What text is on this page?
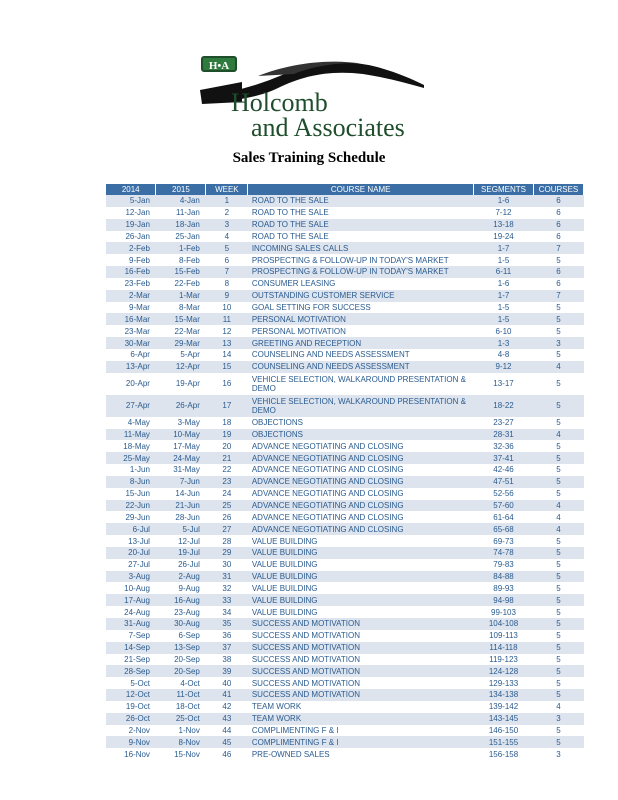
H•A
Holcomb
and Associates
Sales Training Schedule
2014	2015	WEEK	COURSE NAME	SEGMENTS	COURSES
5-Jan	4-Jan	1	ROAD TO THE SALE	1-6	6
12-Jan	11-Jan	2	ROAD TO THE SALE	7-12	6
19-Jan	18-Jan	3	ROAD TO THE SALE	13-18	6
26-Jan	25-Jan	4	ROAD TO THE SALE	19-24	6
2-Feb	1-Feb	5	INCOMING SALES CALLS	1-7	7
9-Feb	8-Feb	6	PROSPECTING & FOLLOW-UP IN TODAY'S MARKET	1-5	5
16-Feb	15-Feb	7	PROSPECTING & FOLLOW-UP IN TODAY'S MARKET	6-11	6
23-Feb	22-Feb	8	CONSUMER LEASING	1-6	6
2-Mar	1-Mar	9	OUTSTANDING CUSTOMER SERVICE	1-7	7
9-Mar	8-Mar	10	GOAL SETTING FOR SUCCESS	1-5	5
16-Mar	15-Mar	11	PERSONAL MOTIVATION	1-5	5
23-Mar	22-Mar	12	PERSONAL MOTIVATION	6-10	5
30-Mar	29-Mar	13	GREETING AND RECEPTION	1-3	3
6-Apr	5-Apr	14	COUNSELING AND NEEDS ASSESSMENT	4-8	5
13-Apr	12-Apr	15	COUNSELING AND NEEDS ASSESSMENT	9-12	4
20-Apr	19-Apr	16	VEHICLE SELECTION, WALKAROUND PRESENTATION & DEMO	13-17	5
27-Apr	26-Apr	17	VEHICLE SELECTION, WALKAROUND PRESENTATION & DEMO	18-22	5
4-May	3-May	18	OBJECTIONS	23-27	5
11-May	10-May	19	OBJECTIONS	28-31	4
18-May	17-May	20	ADVANCE NEGOTIATING AND CLOSING	32-36	5
25-May	24-May	21	ADVANCE NEGOTIATING AND CLOSING	37-41	5
1-Jun	31-May	22	ADVANCE NEGOTIATING AND CLOSING	42-46	5
8-Jun	7-Jun	23	ADVANCE NEGOTIATING AND CLOSING	47-51	5
15-Jun	14-Jun	24	ADVANCE NEGOTIATING AND CLOSING	52-56	5
22-Jun	21-Jun	25	ADVANCE NEGOTIATING AND CLOSING	57-60	4
29-Jun	28-Jun	26	ADVANCE NEGOTIATING AND CLOSING	61-64	4
6-Jul	5-Jul	27	ADVANCE NEGOTIATING AND CLOSING	65-68	4
13-Jul	12-Jul	28	VALUE BUILDING	69-73	5
20-Jul	19-Jul	29	VALUE BUILDING	74-78	5
27-Jul	26-Jul	30	VALUE BUILDING	79-83	5
3-Aug	2-Aug	31	VALUE BUILDING	84-88	5
10-Aug	9-Aug	32	VALUE BUILDING	89-93	5
17-Aug	16-Aug	33	VALUE BUILDING	94-98	5
24-Aug	23-Aug	34	VALUE BUILDING	99-103	5
31-Aug	30-Aug	35	SUCCESS AND MOTIVATION	104-108	5
7-Sep	6-Sep	36	SUCCESS AND MOTIVATION	109-113	5
14-Sep	13-Sep	37	SUCCESS AND MOTIVATION	114-118	5
21-Sep	20-Sep	38	SUCCESS AND MOTIVATION	119-123	5
28-Sep	20-Sep	39	SUCCESS AND MOTIVATION	124-128	5
5-Oct	4-Oct	40	SUCCESS AND MOTIVATION	129-133	5
12-Oct	11-Oct	41	SUCCESS AND MOTIVATION	134-138	5
19-Oct	18-Oct	42	TEAM WORK	139-142	4
26-Oct	25-Oct	43	TEAM WORK	143-145	3
2-Nov	1-Nov	44	COMPLIMENTING F & I	146-150	5
9-Nov	8-Nov	45	COMPLIMENTING F & I	151-155	5
16-Nov	15-Nov	46	PRE-OWNED SALES	156-158	3
